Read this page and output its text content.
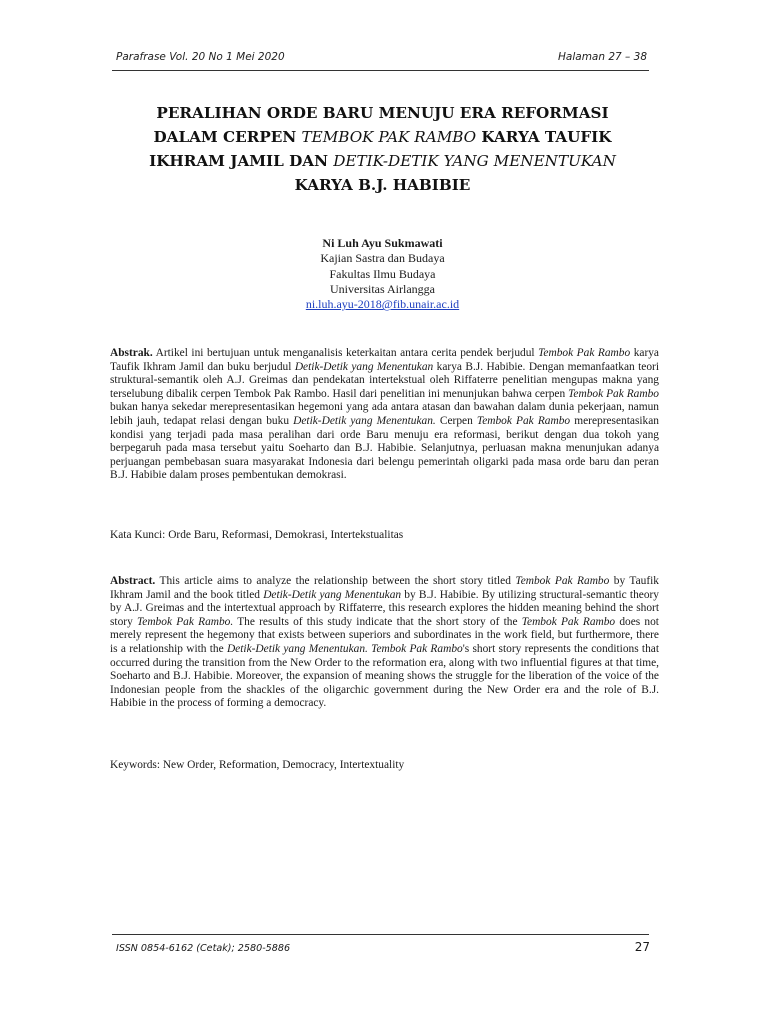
Parafrase Vol. 20 No 1 Mei 2020	Halaman 27 – 38
PERALIHAN ORDE BARU MENUJU ERA REFORMASI
DALAM CERPEN TEMBOK PAK RAMBO KARYA TAUFIK
IKHRAM JAMIL DAN DETIK-DETIK YANG MENENTUKAN
KARYA B.J. HABIBIE
Ni Luh Ayu Sukmawati
Kajian Sastra dan Budaya
Fakultas Ilmu Budaya
Universitas Airlangga
ni.luh.ayu-2018@fib.unair.ac.id
Abstrak. Artikel ini bertujuan untuk menganalisis keterkaitan antara cerita pendek berjudul Tembok Pak Rambo karya Taufik Ikhram Jamil dan buku berjudul Detik-Detik yang Menentukan karya B.J. Habibie. Dengan memanfaatkan teori struktural-semantik oleh A.J. Greimas dan pendekatan intertekstual oleh Riffaterre penelitian mengupas makna yang terselubung dibalik cerpen Tembok Pak Rambo. Hasil dari penelitian ini menunjukan bahwa cerpen Tembok Pak Rambo bukan hanya sekedar merepresentasikan hegemoni yang ada antara atasan dan bawahan dalam dunia pekerjaan, namun lebih jauh, tedapat relasi dengan buku Detik-Detik yang Menentukan. Cerpen Tembok Pak Rambo merepresentasikan kondisi yang terjadi pada masa peralihan dari orde Baru menuju era reformasi, berikut dengan dua tokoh yang berpegaruh pada masa tersebut yaitu Soeharto dan B.J. Habibie. Selanjutnya, perluasan makna menunjukan adanya perjuangan pembebasan suara masyarakat Indonesia dari belengu pemerintah oligarki pada masa orde baru dan peran B.J. Habibie dalam proses pembentukan demokrasi.
Kata Kunci: Orde Baru, Reformasi, Demokrasi, Intertekstualitas
Abstract. This article aims to analyze the relationship between the short story titled Tembok Pak Rambo by Taufik Ikhram Jamil and the book titled Detik-Detik yang Menentukan by B.J. Habibie. By utilizing structural-semantic theory by A.J. Greimas and the intertextual approach by Riffaterre, this research explores the hidden meaning behind the short story Tembok Pak Rambo. The results of this study indicate that the short story of the Tembok Pak Rambo does not merely represent the hegemony that exists between superiors and subordinates in the work field, but furthermore, there is a relationship with the Detik-Detik yang Menentukan. Tembok Pak Rambo's short story represents the conditions that occurred during the transition from the New Order to the reformation era, along with two influential figures at that time, Soeharto and B.J. Habibie. Moreover, the expansion of meaning shows the struggle for the liberation of the voice of the Indonesian people from the shackles of the oligarchic government during the New Order era and the role of B.J. Habibie in the process of forming a democracy.
Keywords: New Order, Reformation, Democracy, Intertextuality
ISSN 0854-6162 (Cetak); 2580-5886	27
